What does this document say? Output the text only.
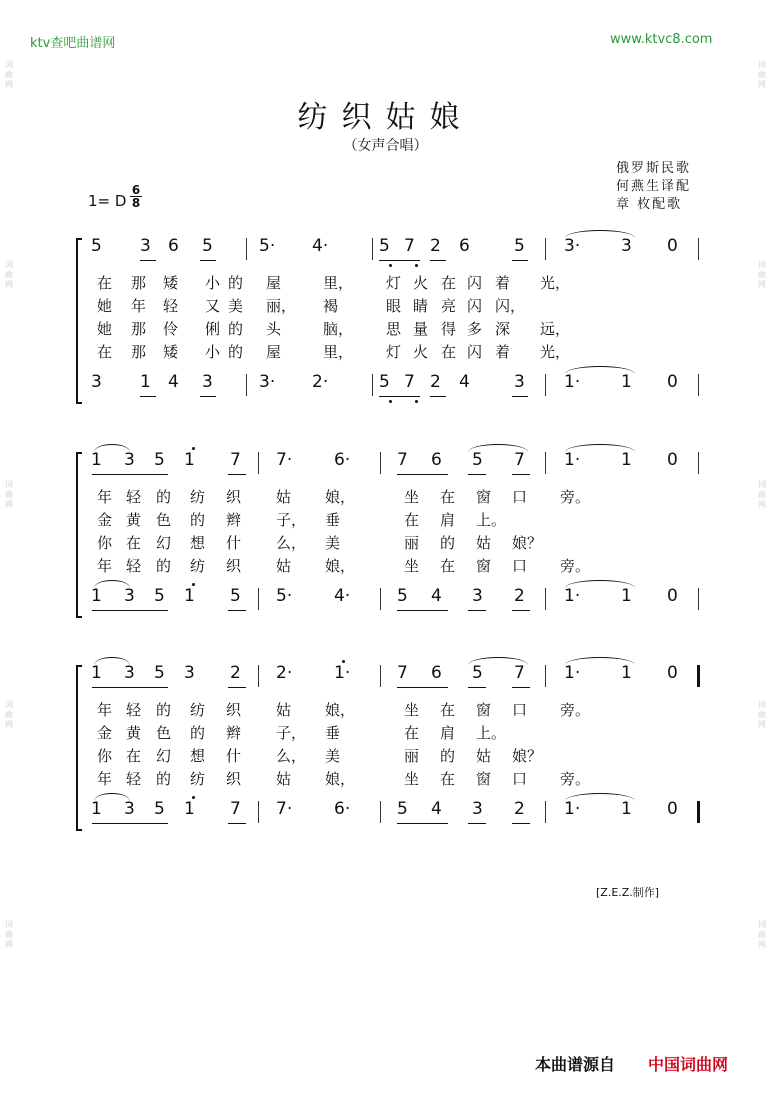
ktv查吧曲谱网	www.ktvc8.com
词曲网
词曲网
词曲网
词曲网
词曲网
词曲网
词曲网
词曲网
词曲网
词曲网
纺织姑娘
（女声合唱）
俄罗斯民歌
何燕生译配
章 枚配歌
1= D
6
8
5	3	6	5	5·	4·	5 7 2	6	5	3·	3	0
3	1	4	3	3·	2·	5 7 2	4	3	1·	1	0
在 那 矮 小 的 屋	里， 灯 火 在 闪 着 光，
她 年 轻 又 美 丽， 褐	眼 睛 亮 闪 闪，
她 那 伶 俐 的 头	脑， 思 量 得 多 深 远，
在 那 矮 小 的 屋	里， 灯 火 在 闪 着 光，
1	3	5	1	7	7·	6·	7	6	5	7	1·	1	0
1	3	5	1	5	5·	4·	5	4	3	2	1·	1	0
年 轻 的 纺 织 姑 娘，	坐 在 窗 口 旁。
金 黄 色 的 辫 子， 垂	在 肩 上。
你 在 幻 想 什 么， 美	丽 的 姑 娘？
年 轻 的 纺 织 姑 娘，	坐 在 窗 口 旁。
1	3	5	3	2	2·	1·	7	6	5	7	1·	1	0
1	3	5	1	7	7·	6·	5	4	3	2	1·	1	0
年 轻 的 纺 织 姑 娘，	坐 在 窗 口 旁。
金 黄 色 的 辫 子， 垂	在 肩 上。
你 在 幻 想 什 么， 美	丽 的 姑 娘？
年 轻 的 纺 织 姑 娘，	坐 在 窗 口 旁。
[Z.E.Z.制作]
本曲谱源自 中国词曲网
